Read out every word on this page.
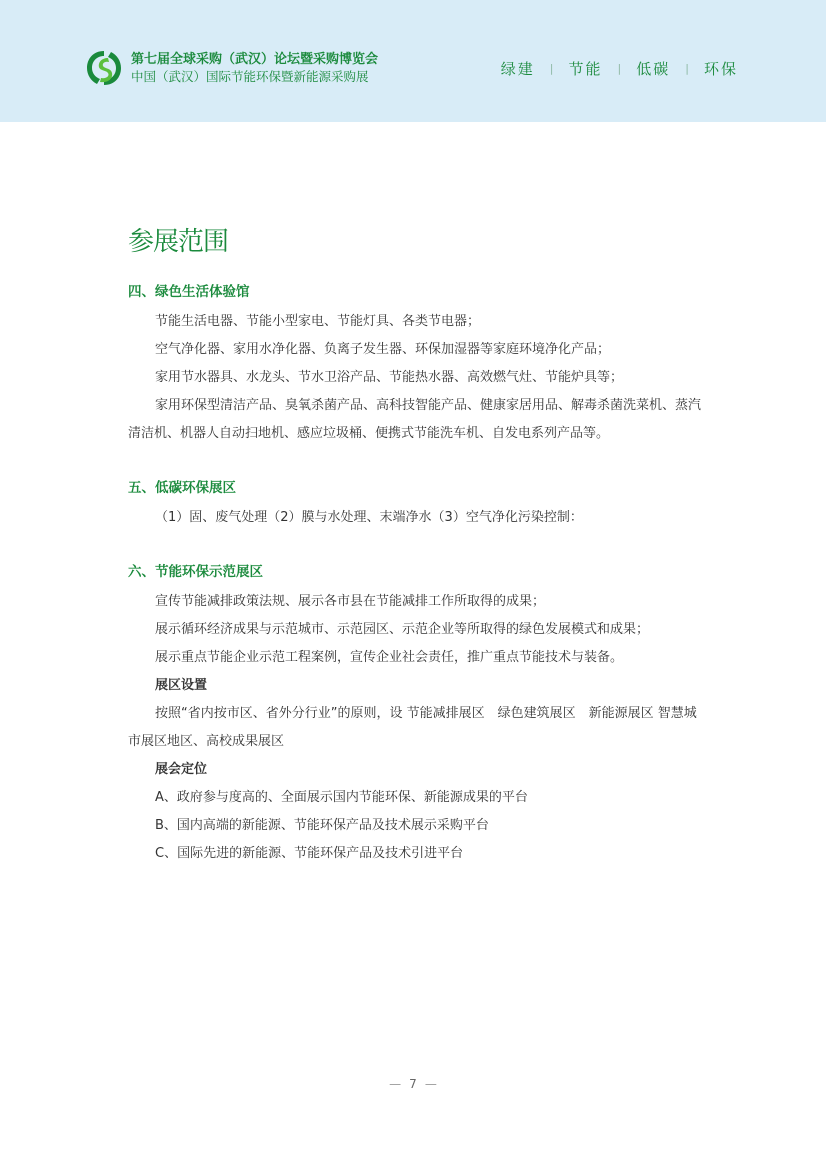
第七届全球采购（武汉）论坛暨采购博览会
中国（武汉）国际节能环保暨新能源采购展	绿建 | 节能 | 低碳 | 环保
参展范围
四、绿色生活体验馆

节能生活电器、节能小型家电、节能灯具、各类节电器；

空气净化器、家用水净化器、负离子发生器、环保加湿器等家庭环境净化产品；

家用节水器具、水龙头、节水卫浴产品、节能热水器、高效燃气灶、节能炉具等；

家用环保型清洁产品、臭氧杀菌产品、高科技智能产品、健康家居用品、解毒杀菌洗菜机、蒸汽清洁机、机器人自动扫地机、感应垃圾桶、便携式节能洗车机、自发电系列产品等。

五、低碳环保展区

（1）固、废气处理（2）膜与水处理、末端净水（3）空气净化污染控制：

六、节能环保示范展区

宣传节能减排政策法规、展示各市县在节能减排工作所取得的成果；

展示循环经济成果与示范城市、示范园区、示范企业等所取得的绿色发展模式和成果；

展示重点节能企业示范工程案例，宣传企业社会责任，推广重点节能技术与装备。

展区设置

按照“省内按市区、省外分行业”的原则，设 节能减排展区　绿色建筑展区　新能源展区 智慧城市展区地区、高校成果展区

展会定位

A、政府参与度高的、全面展示国内节能环保、新能源成果的平台

B、国内高端的新能源、节能环保产品及技术展示采购平台

C、国际先进的新能源、节能环保产品及技术引进平台

— 7 —
